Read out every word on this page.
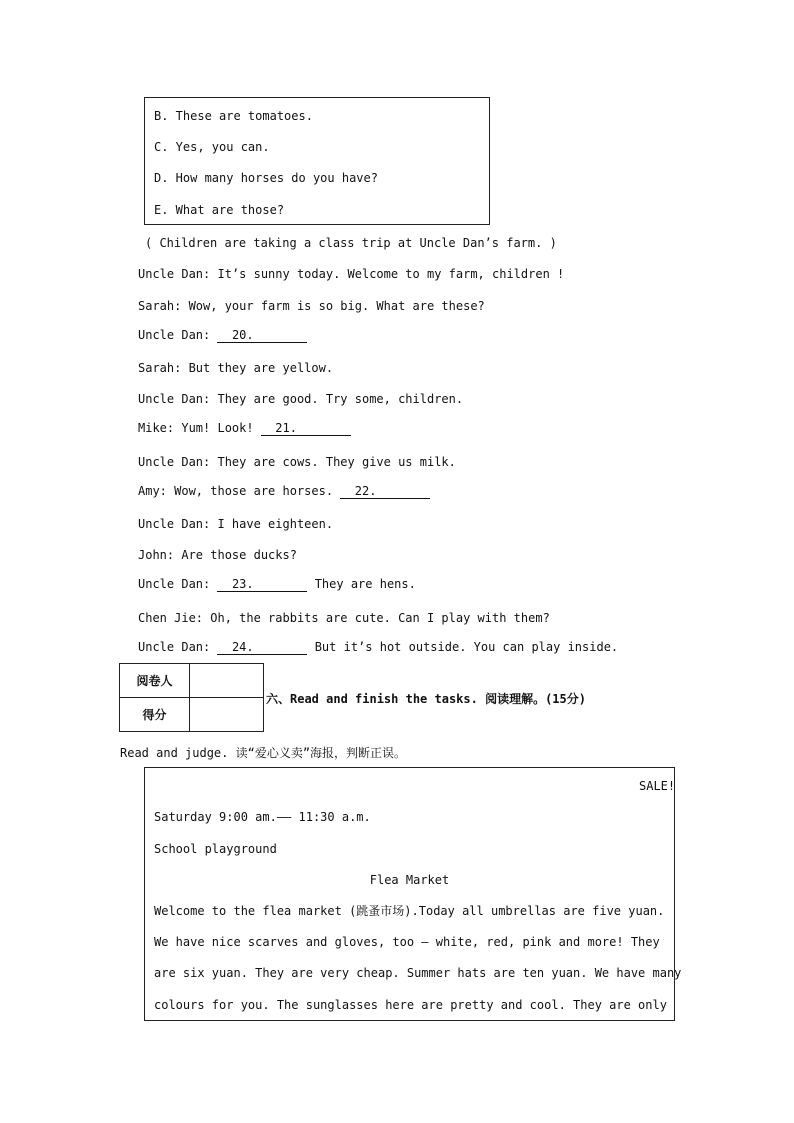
B. These are tomatoes.
C. Yes, you can.
D. How many horses do you have?
E. What are those?
( Children are taking a class trip at Uncle Dan’s farm. )
Uncle Dan: It’s sunny today. Welcome to my farm, children !
Sarah: Wow, your farm is so big. What are these?
Uncle Dan:   20.
Sarah: But they are yellow.
Uncle Dan: They are good. Try some, children.
Mike: Yum! Look!   21.
Uncle Dan: They are cows. They give us milk.
Amy: Wow, those are horses.   22.
Uncle Dan: I have eighteen.
John: Are those ducks?
Uncle Dan:   23.	They are hens.
Chen Jie: Oh, the rabbits are cute. Can I play with them?
Uncle Dan:   24.	But it’s hot outside. You can play inside.
阅卷人	
得分	
六、Read and finish the tasks. 阅读理解。(15分)
Read and judge. 读“爱心义卖”海报，判断正误。
SALE!
Saturday 9:00 am.—— 11:30 a.m.
School playground
Flea Market
Welcome to the flea market (跳蚤市场).Today all umbrellas are five yuan.
We have nice scarves and gloves, too — white, red, pink and more! They
are six yuan. They are very cheap. Summer hats are ten yuan. We have many
colours for you. The sunglasses here are pretty and cool. They are only
